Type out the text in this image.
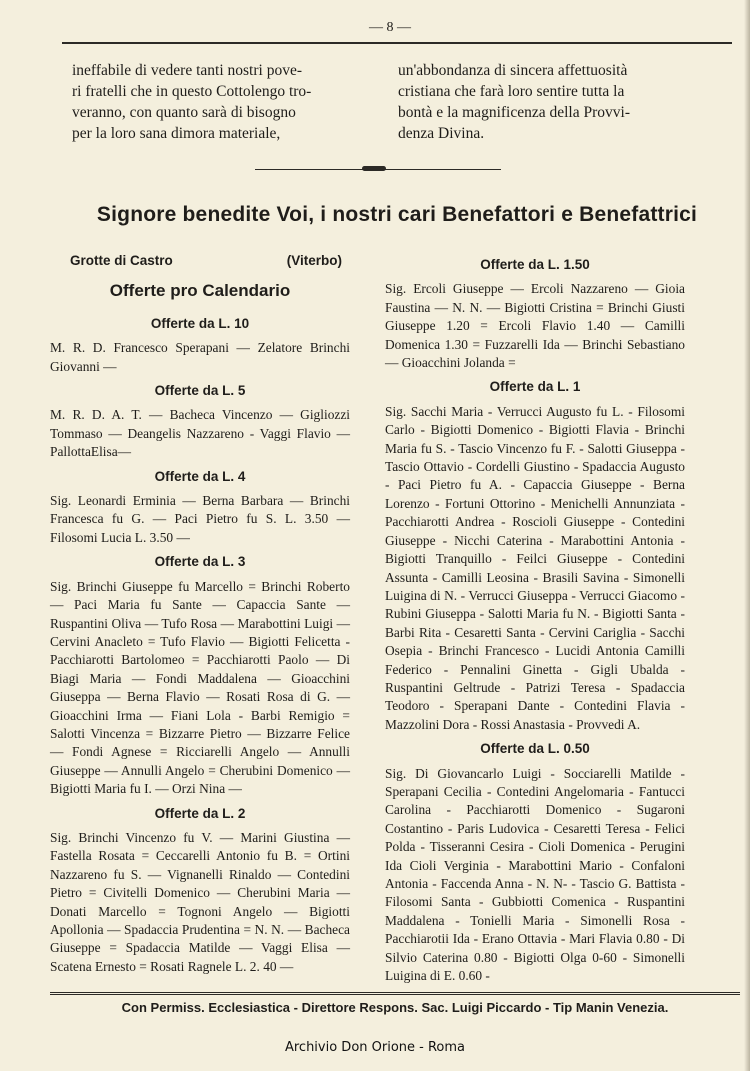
— 8 —

ineffabile di vedere tanti nostri pove-
ri fratelli che in questo Cottolengo tro-
veranno, con quanto sarà di bisogno
per la loro sana dimora materiale,

un'abbondanza di sincera affettuosità
cristiana che farà loro sentire tutta la
bontà e la magnificenza della Provvi-
denza Divina.

Signore benedite Voi, i nostri cari Benefattori e Benefattrici
Grotte di Castro	(Viterbo)
Offerte pro Calendario
Offerte da L. 10

M. R. D. Francesco Sperapani — Zelatore Brinchi Giovanni —

Offerte da L. 5

M. R. D. A. T. — Bacheca Vincenzo — Gigliozzi Tommaso — Deangelis Nazzareno - Vaggi Flavio — PallottaElisa—

Offerte da L. 4

Sig. Leonardi Erminia — Berna Barbara — Brinchi Francesca fu G. — Paci Pietro fu S. L. 3.50 — Filosomi Lucia L. 3.50 —

Offerte da L. 3

Sig. Brinchi Giuseppe fu Marcello = Brinchi Roberto — Paci Maria fu Sante — Capaccia Sante — Ruspantini Oliva — Tufo Rosa — Marabottini Luigi — Cervini Anacleto = Tufo Flavio — Bigiotti Felicetta - Pacchiarotti Bartolomeo = Pacchiarotti Paolo — Di Biagi Maria — Fondi Maddalena — Gioacchini Giuseppa — Berna Flavio — Rosati Rosa di G. — Gioacchini Irma — Fiani Lola - Barbi Remigio = Salotti Vincenza = Bizzarre Pietro — Bizzarre Felice — Fondi Agnese = Ricciarelli Angelo — Annulli Giuseppe — Annulli Angelo = Cherubini Domenico — Bigiotti Maria fu I. — Orzi Nina —

Offerte da L. 2

Sig. Brinchi Vincenzo fu V. — Marini Giustina — Fastella Rosata = Ceccarelli Antonio fu B. = Ortini Nazzareno fu S. — Vignanelli Rinaldo — Contedini Pietro = Civitelli Domenico — Cherubini Maria — Donati Marcello = Tognoni Angelo — Bigiotti Apollonia — Spadaccia Prudentina = N. N. — Bacheca Giuseppe = Spadaccia Matilde — Vaggi Elisa — Scatena Ernesto = Rosati Ragnele L. 2. 40 —

Offerte da L. 1.50

Sig. Ercoli Giuseppe — Ercoli Nazzareno — Gioia Faustina — N. N. — Bigiotti Cristina = Brinchi Giusti Giuseppe 1.20 = Ercoli Flavio 1.40 — Camilli Domenica 1.30 = Fuzzarelli Ida — Brinchi Sebastiano — Gioacchini Jolanda =

Offerte da L. 1

Sig. Sacchi Maria - Verrucci Augusto fu L. - Filosomi Carlo - Bigiotti Domenico - Bigiotti Flavia - Brinchi Maria fu S. - Tascio Vincenzo fu F. - Salotti Giuseppa - Tascio Ottavio - Cordelli Giustino - Spadaccia Augusto - Paci Pietro fu A. - Capaccia Giuseppe - Berna Lorenzo - Fortuni Ottorino - Menichelli Annunziata - Pacchiarotti Andrea - Roscioli Giuseppe - Contedini Giuseppe - Nicchi Caterina - Marabottini Antonia - Bigiotti Tranquillo - Feilci Giuseppe - Contedini Assunta - Camilli Leosina - Brasili Savina - Simonelli Luigina di N. - Verrucci Giuseppa - Verrucci Giacomo - Rubini Giuseppa - Salotti Maria fu N. - Bigiotti Santa - Barbi Rita - Cesaretti Santa - Cervini Cariglia - Sacchi Osepia - Brinchi Francesco - Lucidi Antonia Camilli Federico - Pennalini Ginetta - Gigli Ubalda - Ruspantini Geltrude - Patrizi Teresa - Spadaccia Teodoro - Sperapani Dante - Contedini Flavia - Mazzolini Dora - Rossi Anastasia - Provvedi A.

Offerte da L. 0.50

Sig. Di Giovancarlo Luigi - Socciarelli Matilde - Sperapani Cecilia - Contedini Angelomaria - Fantucci Carolina - Pacchiarotti Domenico - Sugaroni Costantino - Paris Ludovica - Cesaretti Teresa - Felici Polda - Tisseranni Cesira - Cioli Domenica - Perugini Ida Cioli Verginia - Marabottini Mario - Confaloni Antonia - Faccenda Anna - N. N- - Tascio G. Battista - Filosomi Santa - Gubbiotti Comenica - Ruspantini Maddalena - Tonielli Maria - Simonelli Rosa - Pacchiarotii Ida - Erano Ottavia - Mari Flavia 0.80 - Di Silvio Caterina 0.80 - Bigiotti Olga 0-60 - Simonelli Luigina di E. 0.60 -

Con Permiss. Ecclesiastica - Direttore Respons. Sac. Luigi Piccardo - Tip Manin Venezia.

Archivio Don Orione - Roma
